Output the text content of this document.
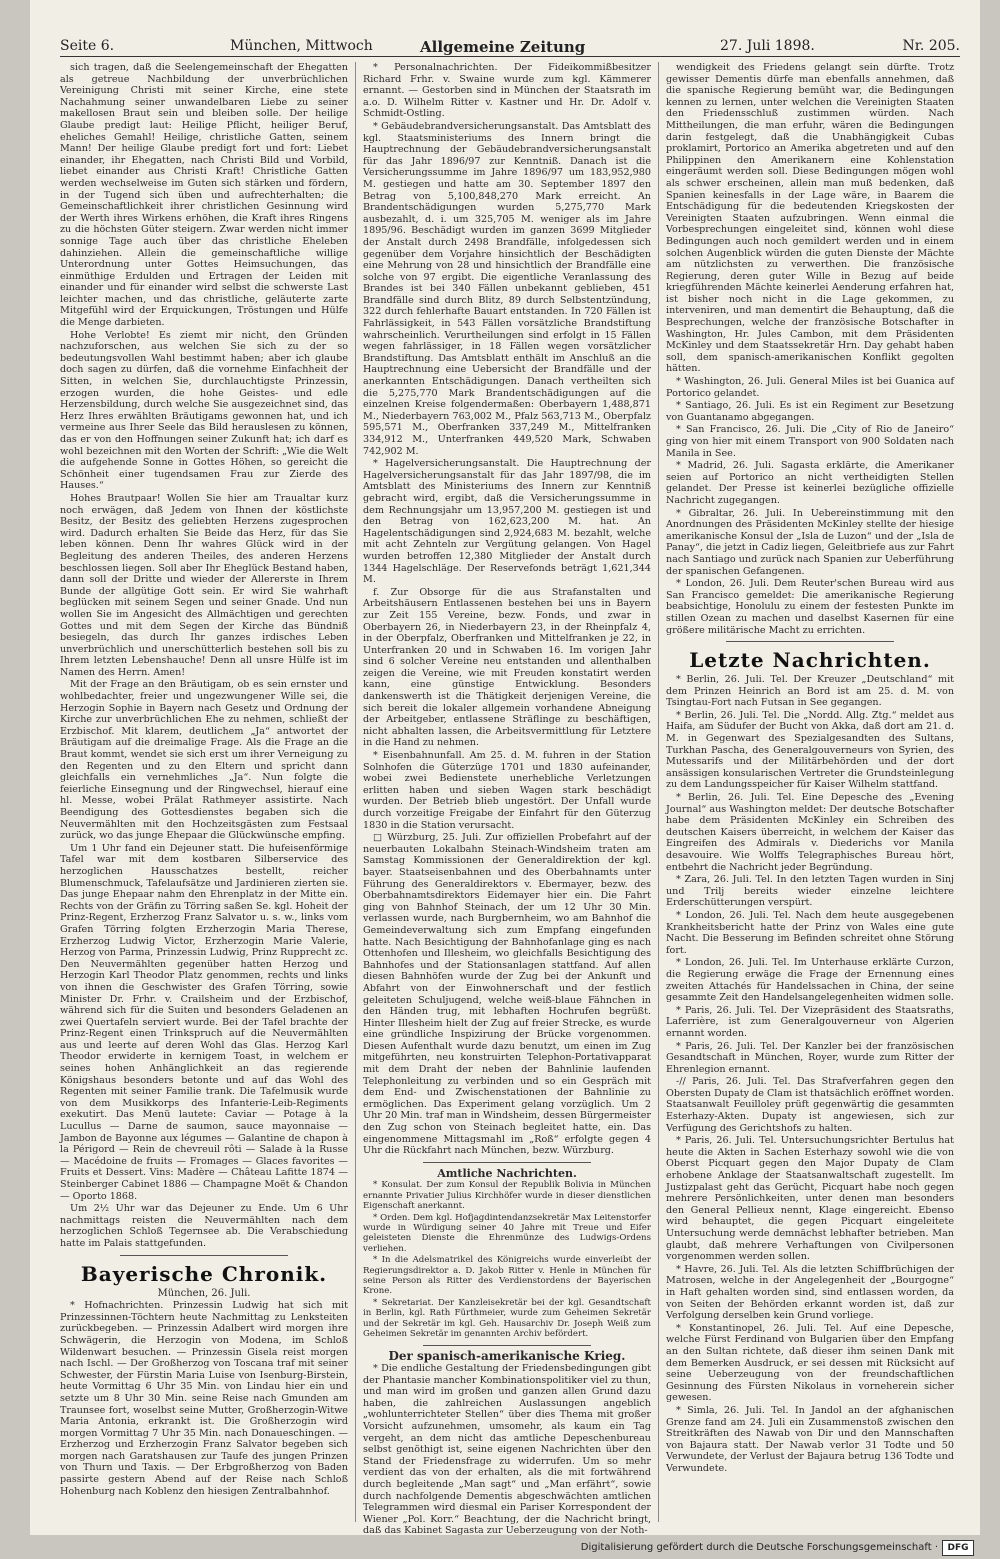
Seite 6.	München, Mittwoch	Allgemeine Zeitung	27. Juli 1898.	Nr. 205.

sich tragen, daß die Seelengemeinschaft der Ehegatten als getreue Nachbildung der unverbrüchlichen Vereinigung Christi mit seiner Kirche, eine stete Nachahmung seiner unwandelbaren Liebe zu seiner makellosen Braut sein und bleiben solle. Der heilige Glaube predigt laut: Heilige Pflicht, heiliger Beruf, eheliches Gemahl! Heilige, christliche Gatten, seinem Mann! Der heilige Glaube predigt fort und fort: Liebet einander, ihr Ehegatten, nach Christi Bild und Vorbild, liebet einander aus Christi Kraft! Christliche Gatten werden wechselweise im Guten sich stärken und fördern, in der Tugend sich üben und aufrechterhalten; die Gemeinschaftlichkeit ihrer christlichen Gesinnung wird der Werth ihres Wirkens erhöhen, die Kraft ihres Ringens zu die höchsten Güter steigern. Zwar werden nicht immer sonnige Tage auch über das christliche Eheleben dahinziehen. Allein die gemeinschaftliche willige Unterordnung unter Gottes Heimsuchungen, das einmüthige Erdulden und Ertragen der Leiden mit einander und für einander wird selbst die schwerste Last leichter machen, und das christliche, geläuterte zarte Mitgefühl wird der Erquickungen, Tröstungen und Hülfe die Menge darbieten.

Hohe Verlobte! Es ziemt mir nicht, den Gründen nachzuforschen, aus welchen Sie sich zu der so bedeutungsvollen Wahl bestimmt haben; aber ich glaube doch sagen zu dürfen, daß die vornehme Einfachheit der Sitten, in welchen Sie, durchlauchtigste Prinzessin, erzogen wurden, die hohe Geistes- und edle Herzensbildung, durch welche Sie ausgezeichnet sind, das Herz Ihres erwählten Bräutigams gewonnen hat, und ich vermeine aus Ihrer Seele das Bild herauslesen zu können, das er von den Hoffnungen seiner Zukunft hat; ich darf es wohl bezeichnen mit den Worten der Schrift: „Wie die Welt die aufgehende Sonne in Gottes Höhen, so gereicht die Schönheit einer tugendsamen Frau zur Zierde des Hauses.“

Hohes Brautpaar! Wollen Sie hier am Traualtar kurz noch erwägen, daß Jedem von Ihnen der köstlichste Besitz, der Besitz des geliebten Herzens zugesprochen wird. Dadurch erhalten Sie Beide das Herz, für das Sie leben können. Denn Ihr wahres Glück wird in der Begleitung des anderen Theiles, des anderen Herzens beschlossen liegen. Soll aber Ihr Eheglück Bestand haben, dann soll der Dritte und wieder der Allererste in Ihrem Bunde der allgütige Gott sein. Er wird Sie wahrhaft beglücken mit seinem Segen und seiner Gnade. Und nun wollen Sie im Angesicht des Allmächtigen und gerechten Gottes und mit dem Segen der Kirche das Bündniß besiegeln, das durch Ihr ganzes irdisches Leben unverbrüchlich und unerschütterlich bestehen soll bis zu Ihrem letzten Lebenshauche! Denn all unsre Hülfe ist im Namen des Herrn. Amen!

Mit der Frage an den Bräutigam, ob es sein ernster und wohlbedachter, freier und ungezwungener Wille sei, die Herzogin Sophie in Bayern nach Gesetz und Ordnung der Kirche zur unverbrüchlichen Ehe zu nehmen, schließt der Erzbischof. Mit klarem, deutlichem „Ja“ antwortet der Bräutigam auf die dreimalige Frage. Als die Frage an die Braut kommt, wendet sie sich erst um ihrer Verneigung zu den Regenten und zu den Eltern und spricht dann gleichfalls ein vernehmliches „Ja“. Nun folgte die feierliche Einsegnung und der Ringwechsel, hierauf eine hl. Messe, wobei Prälat Rathmeyer assistirte. Nach Beendigung des Gottesdienstes begaben sich die Neuvermählten mit den Hochzeitsgästen zum Festsaal zurück, wo das junge Ehepaar die Glückwünsche empfing.

Um 1 Uhr fand ein Dejeuner statt. Die hufeisenförmige Tafel war mit dem kostbaren Silberservice des herzoglichen Hausschatzes bestellt, reicher Blumenschmuck, Tafelaufsätze und Jardinieren zierten sie. Das junge Ehepaar nahm den Ehrenplatz in der Mitte ein. Rechts von der Gräfin zu Törring saßen Se. kgl. Hoheit der Prinz-Regent, Erzherzog Franz Salvator u. s. w., links vom Grafen Törring folgten Erzherzogin Maria Therese, Erzherzog Ludwig Victor, Erzherzogin Marie Valerie, Herzog von Parma, Prinzessin Ludwig, Prinz Rupprecht zc. Den Neuvermählten gegenüber hatten Herzog und Herzogin Karl Theodor Platz genommen, rechts und links von ihnen die Geschwister des Grafen Törring, sowie Minister Dr. Frhr. v. Crailsheim und der Erzbischof, während sich für die Suiten und besonders Geladenen an zwei Quertafeln serviert wurde. Bei der Tafel brachte der Prinz-Regent einen Trinkspruch auf die Neuvermählten aus und leerte auf deren Wohl das Glas. Herzog Karl Theodor erwiderte in kernigem Toast, in welchem er seines hohen Anhänglichkeit an das regierende Königshaus besonders betonte und auf das Wohl des Regenten mit seiner Familie trank. Die Tafelmusik wurde von dem Musikkorps des Infanterie-Leib-Regiments exekutirt. Das Menü lautete: Caviar — Potage à la Lucullus — Darne de saumon, sauce mayonnaise — Jambon de Bayonne aux légumes — Galantine de chapon à la Périgord — Rein de chevreuil rôti — Salade à la Russe — Macédoine de fruits — Fromages — Glaces favorites — Fruits et Dessert. Vins: Madère — Château Lafitte 1874 — Steinberger Cabinet 1886 — Champagne Moët & Chandon — Oporto 1868.

Um 2½ Uhr war das Dejeuner zu Ende. Um 6 Uhr nachmittags reisten die Neuvermählten nach dem herzoglichen Schloß Tegernsee ab. Die Verabschiedung hatte im Palais stattgefunden.

Bayerische Chronik.

München, 26. Juli.

* Hofnachrichten. Prinzessin Ludwig hat sich mit Prinzessinnen-Töchtern heute Nachmittag zu Lenksteiten zurückbegeben. — Prinzessin Adalbert wird morgen ihre Schwägerin, die Herzogin von Modena, im Schloß Wildenwart besuchen. — Prinzessin Gisela reist morgen nach Ischl. — Der Großherzog von Toscana traf mit seiner Schwester, der Fürstin Maria Luise von Isenburg-Birstein, heute Vormittag 6 Uhr 35 Min. von Lindau hier ein und setzte um 8 Uhr 30 Min. seine Reise nach Gmunden am Traunsee fort, woselbst seine Mutter, Großherzogin-Witwe Maria Antonia, erkrankt ist. Die Großherzogin wird morgen Vormittag 7 Uhr 35 Min. nach Donaueschingen. — Erzherzog und Erzherzogin Franz Salvator begeben sich morgen nach Garatshausen zur Taufe des jungen Prinzen von Thurn und Taxis. — Der Erbgroßherzog von Baden passirte gestern Abend auf der Reise nach Schloß Hohenburg nach Koblenz den hiesigen Zentralbahnhof.

* Personalnachrichten. Der Fideikommißbesitzer Richard Frhr. v. Swaine wurde zum kgl. Kämmerer ernannt. — Gestorben sind in München der Staatsrath im a.o. D. Wilhelm Ritter v. Kastner und Hr. Dr. Adolf v. Schmidt-Ostling.

* Gebäudebrandversicherungsanstalt. Das Amtsblatt des kgl. Staatsministeriums des Innern bringt die Hauptrechnung der Gebäudebrandversicherungsanstalt für das Jahr 1896/97 zur Kenntniß. Danach ist die Versicherungssumme im Jahre 1896/97 um 183,952,980 M. gestiegen und hatte am 30. September 1897 den Betrag von 5,100,848,270 Mark erreicht. An Brandentschädigungen wurden 5,275,770 Mark ausbezahlt, d. i. um 325,705 M. weniger als im Jahre 1895/96. Beschädigt wurden im ganzen 3699 Mitglieder der Anstalt durch 2498 Brandfälle, infolgedessen sich gegenüber dem Vorjahre hinsichtlich der Beschädigten eine Mehrung von 28 und hinsichtlich der Brandfälle eine solche von 97 ergibt. Die eigentliche Veranlassung des Brandes ist bei 340 Fällen unbekannt geblieben, 451 Brandfälle sind durch Blitz, 89 durch Selbstentzündung, 322 durch fehlerhafte Bauart entstanden. In 720 Fällen ist Fahrlässigkeit, in 543 Fällen vorsätzliche Brandstiftung wahrscheinlich. Verurtheilungen sind erfolgt in 15 Fällen wegen fahrlässiger, in 18 Fällen wegen vorsätzlicher Brandstiftung. Das Amtsblatt enthält im Anschluß an die Hauptrechnung eine Uebersicht der Brandfälle und der anerkannten Entschädigungen. Danach vertheilten sich die 5,275,770 Mark Brandentschädigungen auf die einzelnen Kreise folgendermaßen: Oberbayern 1,488,871 M., Niederbayern 763,002 M., Pfalz 563,713 M., Oberpfalz 595,571 M., Oberfranken 337,249 M., Mittelfranken 334,912 M., Unterfranken 449,520 Mark, Schwaben 742,902 M.

* Hagelversicherungsanstalt. Die Hauptrechnung der Hagelversicherungsanstalt für das Jahr 1897/98, die im Amtsblatt des Ministeriums des Innern zur Kenntniß gebracht wird, ergibt, daß die Versicherungssumme in dem Rechnungsjahr um 13,957,200 M. gestiegen ist und den Betrag von 162,623,200 M. hat. An Hagelentschädigungen sind 2,924,683 M. bezahlt, welche mit acht Zehnteln zur Vergütung gelangen. Von Hagel wurden betroffen 12,380 Mitglieder der Anstalt durch 1344 Hagelschläge. Der Reservefonds beträgt 1,621,344 M.

f. Zur Obsorge für die aus Strafanstalten und Arbeitshäusern Entlassenen bestehen bei uns in Bayern zur Zeit 155 Vereine, bezw. Fonds, und zwar in Oberbayern 26, in Niederbayern 23, in der Rheinpfalz 4, in der Oberpfalz, Oberfranken und Mittelfranken je 22, in Unterfranken 20 und in Schwaben 16. Im vorigen Jahr sind 6 solcher Vereine neu entstanden und allenthalben zeigen die Vereine, wie mit Freuden konstatirt werden kann, eine günstige Entwicklung. Besonders dankenswerth ist die Thätigkeit derjenigen Vereine, die sich bereit die lokaler allgemein vorhandene Abneigung der Arbeitgeber, entlassene Sträflinge zu beschäftigen, nicht abhalten lassen, die Arbeitsvermittlung für Letztere in die Hand zu nehmen.

* Eisenbahnunfall. Am 25. d. M. fuhren in der Station Solnhofen die Güterzüge 1701 und 1830 aufeinander, wobei zwei Bedienstete unerhebliche Verletzungen erlitten haben und sieben Wagen stark beschädigt wurden. Der Betrieb blieb ungestört. Der Unfall wurde durch vorzeitige Freigabe der Einfahrt für den Güterzug 1830 in die Station verursacht.

□ Würzburg, 25. Juli. Zur offiziellen Probefahrt auf der neuerbauten Lokalbahn Steinach-Windsheim traten am Samstag Kommissionen der Generaldirektion der kgl. bayer. Staatseisenbahnen und des Oberbahnamts unter Führung des Generaldirektors v. Ebermayer, bezw. des Oberbahnamtsdirektors Eidemayer hier ein. Die Fahrt ging von Bahnhof Steinach, der um 12 Uhr 30 Min. verlassen wurde, nach Burgbernheim, wo am Bahnhof die Gemeindeverwaltung sich zum Empfang eingefunden hatte. Nach Besichtigung der Bahnhofanlage ging es nach Ottenhofen und Illesheim, wo gleichfalls Besichtigung des Bahnhofes und der Stationsanlagen stattfand. Auf allen diesen Bahnhöfen wurde der Zug bei der Ankunft und Abfahrt von der Einwohnerschaft und der festlich geleiteten Schuljugend, welche weiß-blaue Fähnchen in den Händen trug, mit lebhaften Hochrufen begrüßt. Hinter Illesheim hielt der Zug auf freier Strecke, es wurde eine gründliche Inspizirung der Brücke vorgenommen. Diesen Aufenthalt wurde dazu benutzt, um einen im Zug mitgeführten, neu konstruirten Telephon-Portativapparat mit dem Draht der neben der Bahnlinie laufenden Telephonleitung zu verbinden und so ein Gespräch mit dem End- und Zwischenstationen der Bahnlinie zu ermöglichen. Das Experiment gelang vorzüglich. Um 2 Uhr 20 Min. traf man in Windsheim, dessen Bürgermeister den Zug schon von Steinach begleitet hatte, ein. Das eingenommene Mittagsmahl im „Roß“ erfolgte gegen 4 Uhr die Rückfahrt nach München, bezw. Würzburg.

Amtliche Nachrichten.

* Konsulat. Der zum Konsul der Republik Bolivia in München ernannte Privatier Julius Kirchhöfer wurde in dieser dienstlichen Eigenschaft anerkannt.

* Orden. Dem kgl. Hofjagdintendanzsekretär Max Leitenstorfer wurde in Würdigung seiner 40 Jahre mit Treue und Eifer geleisteten Dienste die Ehrenmünze des Ludwigs-Ordens verliehen.

* In die Adelsmatrikel des Königreichs wurde einverleibt der Regierungsdirektor a. D. Jakob Ritter v. Henle in München für seine Person als Ritter des Verdienstordens der Bayerischen Krone.

* Sekretariat. Der Kanzleisekretär bei der kgl. Gesandtschaft in Berlin, kgl. Rath Fürthmeier, wurde zum Geheimen Sekretär und der Sekretär im kgl. Geh. Hausarchiv Dr. Joseph Weiß zum Geheimen Sekretär im genannten Archiv befördert.

Der spanisch-amerikanische Krieg.

* Die endliche Gestaltung der Friedensbedingungen gibt der Phantasie mancher Kombinationspolitiker viel zu thun, und man wird im großen und ganzen allen Grund dazu haben, die zahlreichen Auslassungen angeblich „wohlunterrichteter Stellen“ über dies Thema mit großer Vorsicht aufzunehmen, umsomehr, als kaum ein Tag vergeht, an dem nicht das amtliche Depeschenbureau selbst genöthigt ist, seine eigenen Nachrichten über den Stand der Friedensfrage zu widerrufen. Um so mehr verdient das von der erhalten, als die mit fortwährend durch begleitende „Man sagt“ und „Man erfährt“, sowie durch nachfolgende Dementis abgeschwächten amtlichen Telegrammen wird diesmal ein Pariser Korrespondent der Wiener „Pol. Korr.“ Beachtung, der die Nachricht bringt, daß das Kabinet Sagasta zur Ueberzeugung von der Noth-

wendigkeit des Friedens gelangt sein dürfte. Trotz gewisser Dementis dürfe man ebenfalls annehmen, daß die spanische Regierung bemüht war, die Bedingungen kennen zu lernen, unter welchen die Vereinigten Staaten den Friedensschluß zustimmen würden. Nach Mittheilungen, die man erfuhr, wären die Bedingungen darin festgelegt, daß die Unabhängigkeit Cubas proklamirt, Portorico an Amerika abgetreten und auf den Philippinen den Amerikanern eine Kohlenstation eingeräumt werden soll. Diese Bedingungen mögen wohl als schwer erscheinen, allein man muß bedenken, daß Spanien keinesfalls in der Lage wäre, in Baarem die Entschädigung für die bedeutenden Kriegskosten der Vereinigten Staaten aufzubringen. Wenn einmal die Vorbesprechungen eingeleitet sind, können wohl diese Bedingungen auch noch gemildert werden und in einem solchen Augenblick würden die guten Dienste der Mächte am nützlichsten zu verwerthen. Die französische Regierung, deren guter Wille in Bezug auf beide kriegführenden Mächte keinerlei Aenderung erfahren hat, ist bisher noch nicht in die Lage gekommen, zu interveniren, und man dementirt die Behauptung, daß die Besprechungen, welche der französische Botschafter in Washington, Hr. Jules Cambon, mit dem Präsidenten McKinley und dem Staatssekretär Hrn. Day gehabt haben soll, dem spanisch-amerikanischen Konflikt gegolten hätten.

* Washington, 26. Juli. General Miles ist bei Guanica auf Portorico gelandet.

* Santiago, 26. Juli. Es ist ein Regiment zur Besetzung von Guantanamo abgegangen.

* San Francisco, 26. Juli. Die „City of Rio de Janeiro“ ging von hier mit einem Transport von 900 Soldaten nach Manila in See.

* Madrid, 26. Juli. Sagasta erklärte, die Amerikaner seien auf Portorico an nicht vertheidigten Stellen gelandet. Der Presse ist keinerlei bezügliche offizielle Nachricht zugegangen.

* Gibraltar, 26. Juli. In Uebereinstimmung mit den Anordnungen des Präsidenten McKinley stellte der hiesige amerikanische Konsul der „Isla de Luzon“ und der „Isla de Panay“, die jetzt in Cadiz liegen, Geleitbriefe aus zur Fahrt nach Santiago und zurück nach Spanien zur Ueberführung der spanischen Gefangenen.

* London, 26. Juli. Dem Reuter'schen Bureau wird aus San Francisco gemeldet: Die amerikanische Regierung beabsichtige, Honolulu zu einem der festesten Punkte im stillen Ozean zu machen und daselbst Kasernen für eine größere militärische Macht zu errichten.

Letzte Nachrichten.

* Berlin, 26. Juli. Tel. Der Kreuzer „Deutschland“ mit dem Prinzen Heinrich an Bord ist am 25. d. M. von Tsingtau-Fort nach Futsan in See gegangen.

* Berlin, 26. Juli. Tel. Die „Nordd. Allg. Ztg.“ meldet aus Haifa, am Südufer der Bucht von Akka, daß dort am 21. d. M. in Gegenwart des Spezialgesandten des Sultans, Turkhan Pascha, des Generalgouverneurs von Syrien, des Mutessarifs und der Militärbehörden und der dort ansässigen konsularischen Vertreter die Grundsteinlegung zu dem Landungsspeicher für Kaiser Wilhelm stattfand.

* Berlin, 26. Juli. Tel. Eine Depesche des „Evening Journal“ aus Washington meldet: Der deutsche Botschafter habe dem Präsidenten McKinley ein Schreiben des deutschen Kaisers überreicht, in welchem der Kaiser das Eingreifen des Admirals v. Diederichs vor Manila desavouire. Wie Wolffs Telegraphisches Bureau hört, entbehrt die Nachricht jeder Begründung.

* Zara, 26. Juli. Tel. In den letzten Tagen wurden in Sinj und Trilj bereits wieder einzelne leichtere Erderschütterungen verspürt.

* London, 26. Juli. Tel. Nach dem heute ausgegebenen Krankheitsbericht hatte der Prinz von Wales eine gute Nacht. Die Besserung im Befinden schreitet ohne Störung fort.

* London, 26. Juli. Tel. Im Unterhause erklärte Curzon, die Regierung erwäge die Frage der Ernennung eines zweiten Attachés für Handelssachen in China, der seine gesammte Zeit den Handelsangelegenheiten widmen solle.

* Paris, 26. Juli. Tel. Der Vizepräsident des Staatsraths, Laferrière, ist zum Generalgouverneur von Algerien ernannt worden.

* Paris, 26. Juli. Tel. Der Kanzler bei der französischen Gesandtschaft in München, Royer, wurde zum Ritter der Ehrenlegion ernannt.

-// Paris, 26. Juli. Tel. Das Strafverfahren gegen den Obersten Dupaty de Clam ist thatsächlich eröffnet worden. Staatsanwalt Feuilloley prüft gegenwärtig die gesammten Esterhazy-Akten. Dupaty ist angewiesen, sich zur Verfügung des Gerichtshofs zu halten.

* Paris, 26. Juli. Tel. Untersuchungsrichter Bertulus hat heute die Akten in Sachen Esterhazy sowohl wie die von Oberst Picquart gegen den Major Dupaty de Clam erhobene Anklage der Staatsanwaltschaft zugestellt. Im Justizpalast geht das Gerücht, Picquart habe noch gegen mehrere Persönlichkeiten, unter denen man besonders den General Pellieux nennt, Klage eingereicht. Ebenso wird behauptet, die gegen Picquart eingeleitete Untersuchung werde demnächst lebhafter betrieben. Man glaubt, daß mehrere Verhaftungen von Civilpersonen vorgenommen werden sollen.

* Havre, 26. Juli. Tel. Als die letzten Schiffbrüchigen der Matrosen, welche in der Angelegenheit der „Bourgogne“ in Haft gehalten worden sind, sind entlassen worden, da von Seiten der Behörden erkannt worden ist, daß zur Verfolgung derselben kein Grund vorliege.

* Konstantinopel, 26. Juli. Tel. Auf eine Depesche, welche Fürst Ferdinand von Bulgarien über den Empfang an den Sultan richtete, daß dieser ihm seinen Dank mit dem Bemerken Ausdruck, er sei dessen mit Rücksicht auf seine Ueberzeugung von der freundschaftlichen Gesinnung des Fürsten Nikolaus in vorneherein sicher gewesen.

* Simla, 26. Juli. Tel. In Jandol an der afghanischen Grenze fand am 24. Juli ein Zusammenstoß zwischen den Streitkräften des Nawab von Dir und den Mannschaften von Bajaura statt. Der Nawab verlor 31 Todte und 50 Verwundete, der Verlust der Bajaura betrug 136 Todte und Verwundete.

Digitalisierung gefördert durch die Deutsche Forschungsgemeinschaft ·	DFG
